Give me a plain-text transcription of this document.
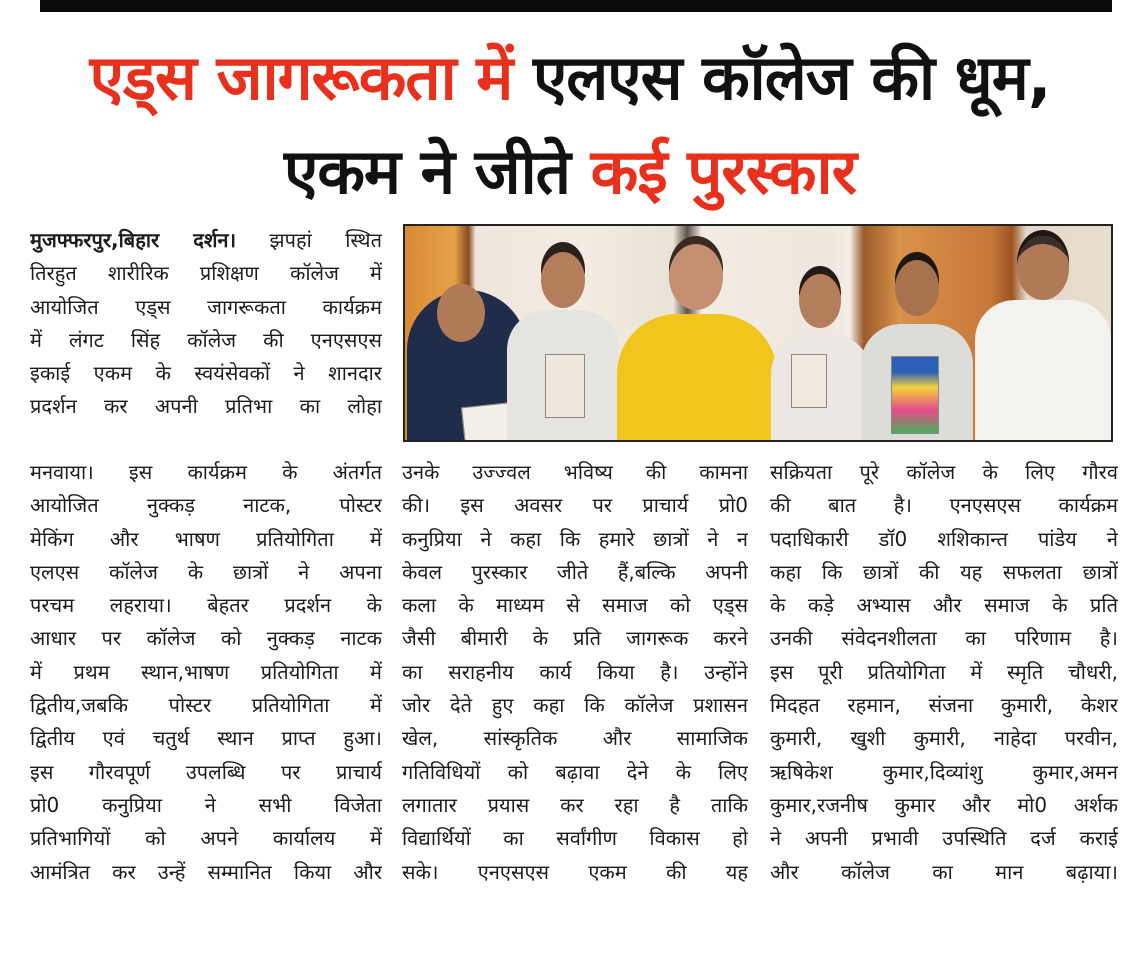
एड्स जागरूकता में एलएस कॉलेज की धूम,
एकम ने जीते कई पुरस्कार
मुजफ्फरपुर,बिहार दर्शन। झपहां स्थित
तिरहुत शारीरिक प्रशिक्षण कॉलेज में
आयोजित एड्स जागरूकता कार्यक्रम
में लंगट सिंह कॉलेज की एनएसएस
इकाई एकम के स्वयंसेवकों ने शानदार
प्रदर्शन कर अपनी प्रतिभा का लोहा
मनवाया। इस कार्यक्रम के अंतर्गत
आयोजित नुक्कड़ नाटक, पोस्टर
मेकिंग और भाषण प्रतियोगिता में
एलएस कॉलेज के छात्रों ने अपना
परचम लहराया। बेहतर प्रदर्शन के
आधार पर कॉलेज को नुक्कड़ नाटक
में प्रथम स्थान,भाषण प्रतियोगिता में
द्वितीय,जबकि पोस्टर प्रतियोगिता में
द्वितीय एवं चतुर्थ स्थान प्राप्त हुआ।
इस गौरवपूर्ण उपलब्धि पर प्राचार्य
प्रो0 कनुप्रिया ने सभी विजेता
प्रतिभागियों को अपने कार्यालय में
आमंत्रित कर उन्हें सम्मानित किया और
उनके उज्ज्वल भविष्य की कामना
की। इस अवसर पर प्राचार्य प्रो0
कनुप्रिया ने कहा कि हमारे छात्रों ने न
केवल पुरस्कार जीते हैं,बल्कि अपनी
कला के माध्यम से समाज को एड्स
जैसी बीमारी के प्रति जागरूक करने
का सराहनीय कार्य किया है। उन्होंने
जोर देते हुए कहा कि कॉलेज प्रशासन
खेल, सांस्कृतिक और सामाजिक
गतिविधियों को बढ़ावा देने के लिए
लगातार प्रयास कर रहा है ताकि
विद्यार्थियों का सर्वांगीण विकास हो
सके। एनएसएस एकम की यह
सक्रियता पूरे कॉलेज के लिए गौरव
की बात है। एनएसएस कार्यक्रम
पदाधिकारी डॉ0 शशिकान्त पांडेय ने
कहा कि छात्रों की यह सफलता छात्रों
के कड़े अभ्यास और समाज के प्रति
उनकी संवेदनशीलता का परिणाम है।
इस पूरी प्रतियोगिता में स्मृति चौधरी,
मिदहत रहमान, संजना कुमारी, केशर
कुमारी, खुशी कुमारी, नाहेदा परवीन,
ऋषिकेश कुमार,दिव्यांशु कुमार,अमन
कुमार,रजनीष कुमार और मो0 अर्शक
ने अपनी प्रभावी उपस्थिति दर्ज कराई
और कॉलेज का मान बढ़ाया।
